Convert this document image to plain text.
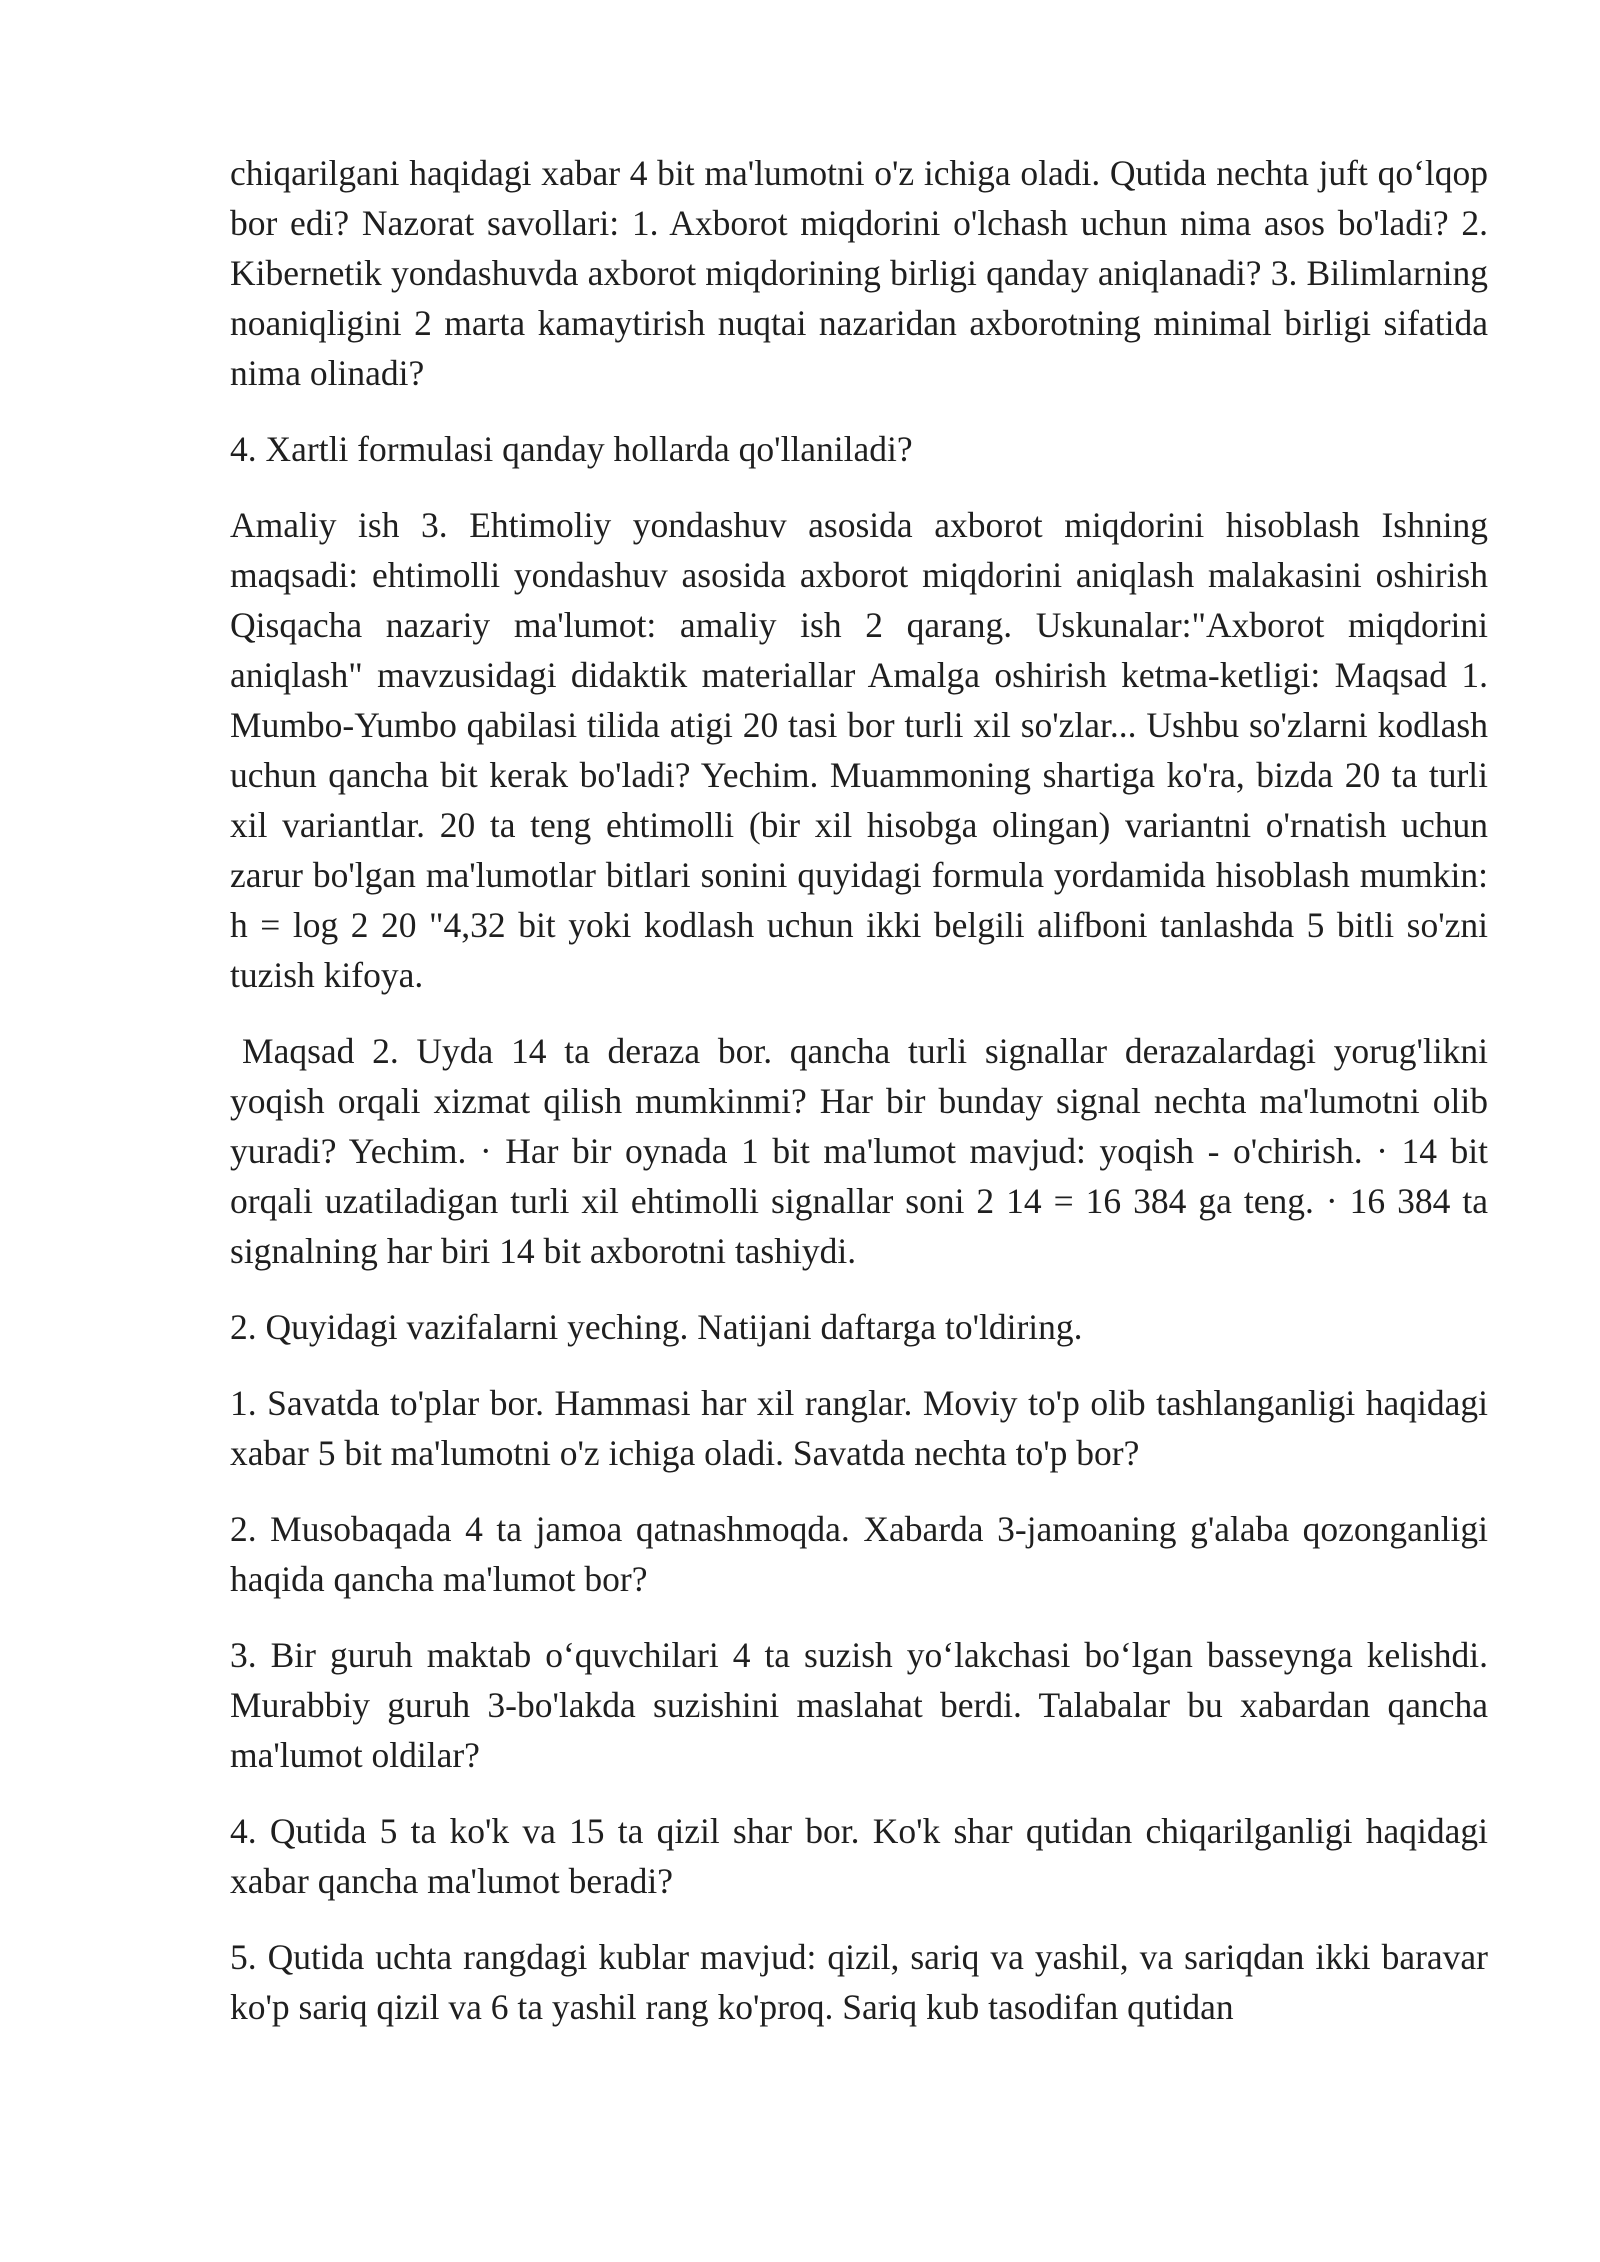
chiqarilgani haqidagi xabar 4 bit ma'lumotni o'z ichiga oladi. Qutida nechta juft qo‘lqop bor edi? Nazorat savollari: 1. Axborot miqdorini o'lchash uchun nima asos bo'ladi? 2. Kibernetik yondashuvda axborot miqdorining birligi qanday aniqlanadi? 3. Bilimlarning noaniqligini 2 marta kamaytirish nuqtai nazaridan axborotning minimal birligi sifatida nima olinadi?

4. Xartli formulasi qanday hollarda qo'llaniladi?

Amaliy ish 3. Ehtimoliy yondashuv asosida axborot miqdorini hisoblash Ishning maqsadi: ehtimolli yondashuv asosida axborot miqdorini aniqlash malakasini oshirish Qisqacha nazariy ma'lumot: amaliy ish 2 qarang. Uskunalar:"Axborot miqdorini aniqlash" mavzusidagi didaktik materiallar Amalga oshirish ketma-ketligi: Maqsad 1. Mumbo-Yumbo qabilasi tilida atigi 20 tasi bor turli xil so'zlar... Ushbu so'zlarni kodlash uchun qancha bit kerak bo'ladi? Yechim. Muammoning shartiga ko'ra, bizda 20 ta turli xil variantlar. 20 ta teng ehtimolli (bir xil hisobga olingan) variantni o'rnatish uchun zarur bo'lgan ma'lumotlar bitlari sonini quyidagi formula yordamida hisoblash mumkin: h = log 2 20 "4,32 bit yoki kodlash uchun ikki belgili alifboni tanlashda 5 bitli so'zni tuzish kifoya.

Maqsad 2. Uyda 14 ta deraza bor. qancha turli signallar derazalardagi yorug'likni yoqish orqali xizmat qilish mumkinmi? Har bir bunday signal nechta ma'lumotni olib yuradi? Yechim. · Har bir oynada 1 bit ma'lumot mavjud: yoqish - o'chirish. · 14 bit orqali uzatiladigan turli xil ehtimolli signallar soni 2 14 = 16 384 ga teng. · 16 384 ta signalning har biri 14 bit axborotni tashiydi.

2. Quyidagi vazifalarni yeching. Natijani daftarga to'ldiring.

1. Savatda to'plar bor. Hammasi har xil ranglar. Moviy to'p olib tashlanganligi haqidagi xabar 5 bit ma'lumotni o'z ichiga oladi. Savatda nechta to'p bor?

2. Musobaqada 4 ta jamoa qatnashmoqda. Xabarda 3-jamoaning g'alaba qozonganligi haqida qancha ma'lumot bor?

3. Bir guruh maktab o‘quvchilari 4 ta suzish yo‘lakchasi bo‘lgan basseynga kelishdi. Murabbiy guruh 3-bo'lakda suzishini maslahat berdi. Talabalar bu xabardan qancha ma'lumot oldilar?

4. Qutida 5 ta ko'k va 15 ta qizil shar bor. Ko'k shar qutidan chiqarilganligi haqidagi xabar qancha ma'lumot beradi?

5. Qutida uchta rangdagi kublar mavjud: qizil, sariq va yashil, va sariqdan ikki baravar ko'p sariq qizil va 6 ta yashil rang ko'proq. Sariq kub tasodifan qutidan
